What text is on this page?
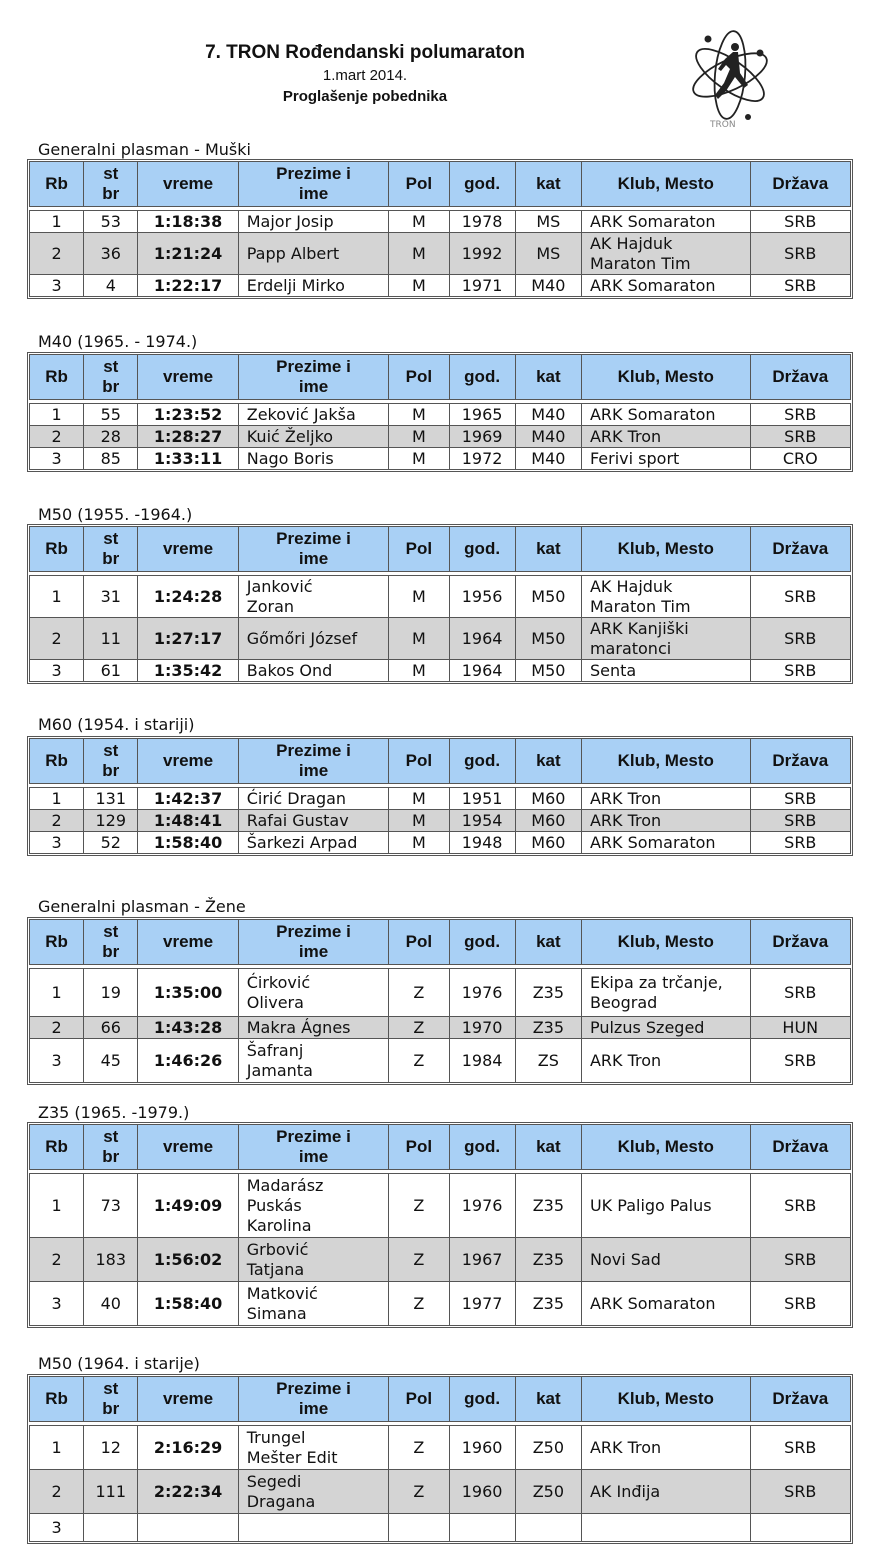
7. TRON Rođendanski polumaraton
1.mart 2014.
Proglašenje pobednika
TRON
Generalni plasman - Muški
Rb	st
br	vreme	Prezime i
ime	Pol	god.	kat	Klub, Mesto	Država

1	53	1:18:38	Major Josip	M	1978	MS	ARK Somaraton	SRB
2	36	1:21:24	Papp Albert	M	1992	MS	AK Hajduk
Maraton Tim	SRB
3	4	1:22:17	Erdelji Mirko	M	1971	M40	ARK Somaraton	SRB
M40 (1965. - 1974.)
Rb	st
br	vreme	Prezime i
ime	Pol	god.	kat	Klub, Mesto	Država

1	55	1:23:52	Zeković Jakša	M	1965	M40	ARK Somaraton	SRB
2	28	1:28:27	Kuić Željko	M	1969	M40	ARK Tron	SRB
3	85	1:33:11	Nago Boris	M	1972	M40	Ferivi sport	CRO
M50 (1955. -1964.)
Rb	st
br	vreme	Prezime i
ime	Pol	god.	kat	Klub, Mesto	Država

1	31	1:24:28	Janković
Zoran	M	1956	M50	AK Hajduk
Maraton Tim	SRB
2	11	1:27:17	Gőmőri József	M	1964	M50	ARK Kanjiški
maratonci	SRB
3	61	1:35:42	Bakos Ond	M	1964	M50	Senta	SRB
M60 (1954. i stariji)
Rb	st
br	vreme	Prezime i
ime	Pol	god.	kat	Klub, Mesto	Država

1	131	1:42:37	Ćirić Dragan	M	1951	M60	ARK Tron	SRB
2	129	1:48:41	Rafai Gustav	M	1954	M60	ARK Tron	SRB
3	52	1:58:40	Šarkezi Arpad	M	1948	M60	ARK Somaraton	SRB
Generalni plasman - Žene
Rb	st
br	vreme	Prezime i
ime	Pol	god.	kat	Klub, Mesto	Država

1	19	1:35:00	Ćirković
Olivera	Z	1976	Z35	Ekipa za trčanje,
Beograd	SRB
2	66	1:43:28	Makra Ágnes	Z	1970	Z35	Pulzus Szeged	HUN
3	45	1:46:26	Šafranj
Jamanta	Z	1984	ZS	ARK Tron	SRB
Z35 (1965. -1979.)
Rb	st
br	vreme	Prezime i
ime	Pol	god.	kat	Klub, Mesto	Država

1	73	1:49:09	Madarász
Puskás
Karolina	Z	1976	Z35	UK Paligo Palus	SRB
2	183	1:56:02	Grbović
Tatjana	Z	1967	Z35	Novi Sad	SRB
3	40	1:58:40	Matković
Simana	Z	1977	Z35	ARK Somaraton	SRB
M50 (1964. i starije)
Rb	st
br	vreme	Prezime i
ime	Pol	god.	kat	Klub, Mesto	Država

1	12	2:16:29	Trungel
Mešter Edit	Z	1960	Z50	ARK Tron	SRB
2	111	2:22:34	Segedi
Dragana	Z	1960	Z50	AK Inđija	SRB
3								
